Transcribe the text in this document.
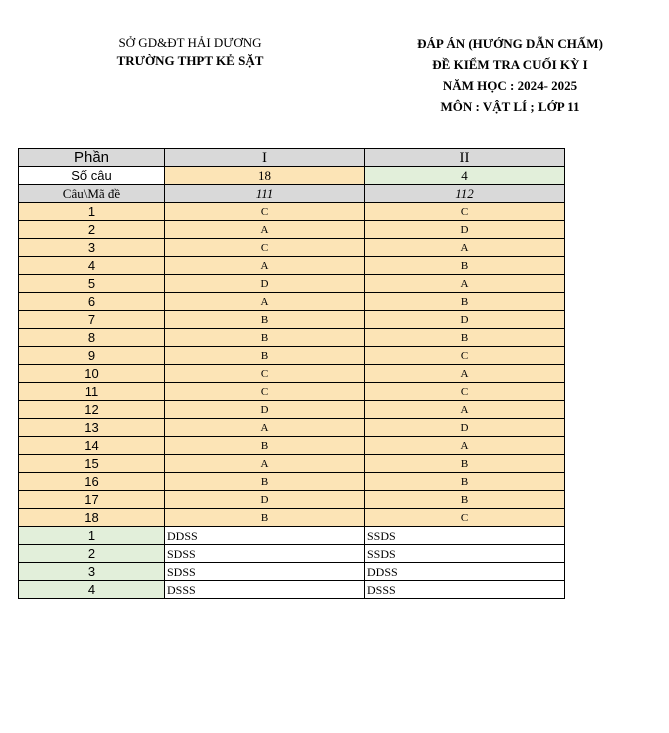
SỞ GD&ĐT HẢI DƯƠNG
TRƯỜNG THPT KẺ SẶT
ĐÁP ÁN (HƯỚNG DẪN CHẤM)
ĐỀ KIỂM TRA CUỐI KỲ I
NĂM HỌC : 2024- 2025
MÔN : VẬT LÍ ; LỚP 11
Phần	I	II
Số câu	18	4
Câu\Mã đề	111	112
1	C	C
2	A	D
3	C	A
4	A	B
5	D	A
6	A	B
7	B	D
8	B	B
9	B	C
10	C	A
11	C	C
12	D	A
13	A	D
14	B	A
15	A	B
16	B	B
17	D	B
18	B	C
1	DDSS	SSDS
2	SDSS	SSDS
3	SDSS	DDSS
4	DSSS	DSSS
